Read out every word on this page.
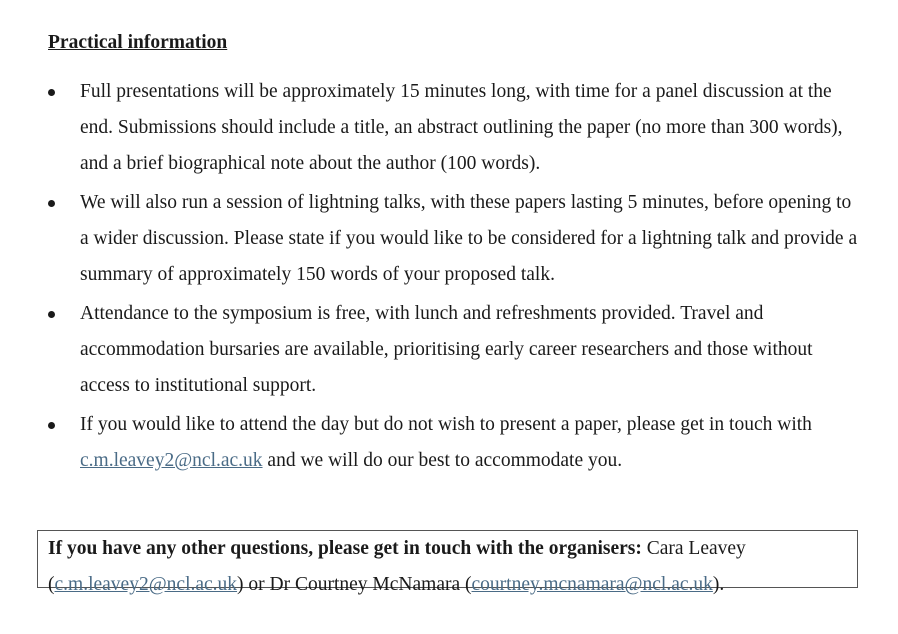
Practical information

Full presentations will be approximately 15 minutes long, with time for a panel discussion at the end. Submissions should include a title, an abstract outlining the paper (no more than 300 words), and a brief biographical note about the author (100 words).
We will also run a session of lightning talks, with these papers lasting 5 minutes, before opening to a wider discussion. Please state if you would like to be considered for a lightning talk and provide a summary of approximately 150 words of your proposed talk.
Attendance to the symposium is free, with lunch and refreshments provided. Travel and accommodation bursaries are available, prioritising early career researchers and those without access to institutional support.
If you would like to attend the day but do not wish to present a paper, please get in touch with c.m.leavey2@ncl.ac.uk and we will do our best to accommodate you.
If you have any other questions, please get in touch with the organisers: Cara Leavey (c.m.leavey2@ncl.ac.uk) or Dr Courtney McNamara (courtney.mcnamara@ncl.ac.uk).
